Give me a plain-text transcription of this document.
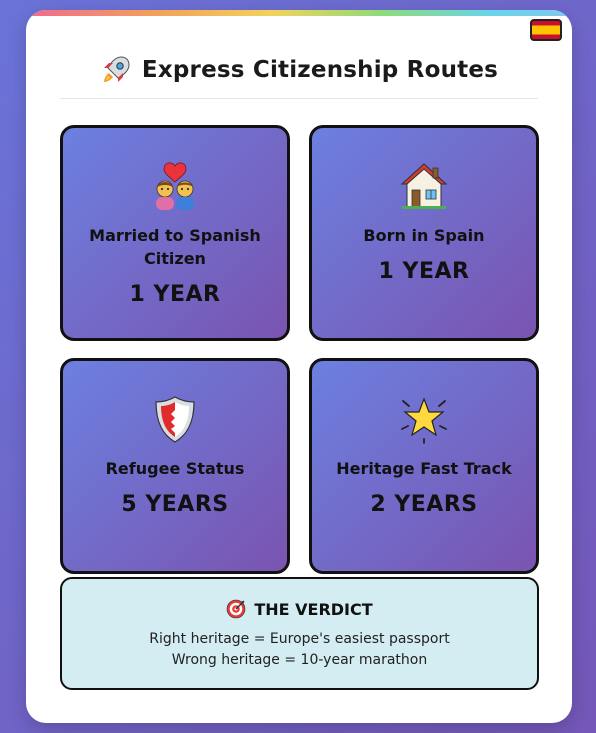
Express Citizenship Routes
Married to Spanish Citizen
1 YEAR
Born in Spain
1 YEAR
Refugee Status
5 YEARS
Heritage Fast Track
2 YEARS
THE VERDICT
Right heritage = Europe's easiest passport
Wrong heritage = 10-year marathon
